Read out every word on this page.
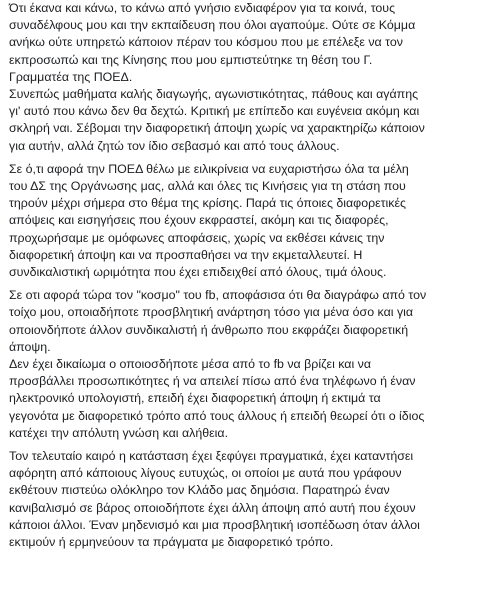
Ότι έκανα και κάνω, το κάνω από γνήσιο ενδιαφέρον για τα κοινά, τους
συναδέλφους μου και την εκπαίδευση που όλοι αγαπούμε. Ούτε σε Κόμμα
ανήκω ούτε υπηρετώ κάποιον πέραν του κόσμου που με επέλεξε να τον
εκπροσωπώ και της Κίνησης που μου εμπιστεύτηκε τη θέση του Γ.
Γραμματέα της ΠΟΕΔ.
Συνεπώς μαθήματα καλής διαγωγής, αγωνιστικότητας, πάθους και αγάπης
γι' αυτό που κάνω δεν θα δεχτώ. Κριτική με επίπεδο και ευγένεια ακόμη και
σκληρή ναι. Σέβομαι την διαφορετική άποψη χωρίς να χαρακτηρίζω κάποιον
για αυτήν, αλλά ζητώ τον ίδιο σεβασμό και από τους άλλους.

Σε ό,τι αφορά την ΠΟΕΔ θέλω με ειλικρίνεια να ευχαριστήσω όλα τα μέλη
του ΔΣ της Οργάνωσης μας, αλλά και όλες τις Κινήσεις για τη στάση που
τηρούν μέχρι σήμερα στο θέμα της κρίσης. Παρά τις όποιες διαφορετικές
απόψεις και εισηγήσεις που έχουν εκφραστεί, ακόμη και τις διαφορές,
προχωρήσαμε με ομόφωνες αποφάσεις, χωρίς να εκθέσει κάνεις την
διαφορετική άποψη και να προσπαθήσει να την εκμεταλλευτεί. Η
συνδικαλιστική ωριμότητα που έχει επιδειχθεί από όλους, τιμά όλους.

Σε οτι αφορά τώρα τον "κοσμο" του fb, αποφάσισα ότι θα διαγράφω από τον
τοίχο μου, οποιαδήποτε προσβλητική ανάρτηση τόσο για μένα όσο και για
οποιονδήποτε άλλον συνδικαλιστή ή άνθρωπο που εκφράζει διαφορετική
άποψη.
Δεν έχει δικαίωμα ο οποιοσδήποτε μέσα από το fb να βρίζει και να
προσβάλλει προσωπικότητες ή να απειλεί πίσω από ένα τηλέφωνο ή έναν
ηλεκτρονικό υπολογιστή, επειδή έχει διαφορετική άποψη ή εκτιμά τα
γεγονότα με διαφορετικό τρόπο από τους άλλους ή επειδή θεωρεί ότι ο ίδιος
κατέχει την απόλυτη γνώση και αλήθεια.

Τον τελευταίο καιρό η κατάσταση έχει ξεφύγει πραγματικά, έχει καταντήσει
αφόρητη από κάποιους λίγους ευτυχώς, οι οποίοι με αυτά που γράφουν
εκθέτουν πιστεύω ολόκληρο τον Κλάδο μας δημόσια. Παρατηρώ έναν
κανιβαλισμό σε βάρος οποιοδήποτε έχει άλλη άποψη από αυτή που έχουν
κάποιοι άλλοι. Έναν μηδενισμό και μια προσβλητική ισοπέδωση όταν άλλοι
εκτιμούν ή ερμηνεύουν τα πράγματα με διαφορετικό τρόπο.
